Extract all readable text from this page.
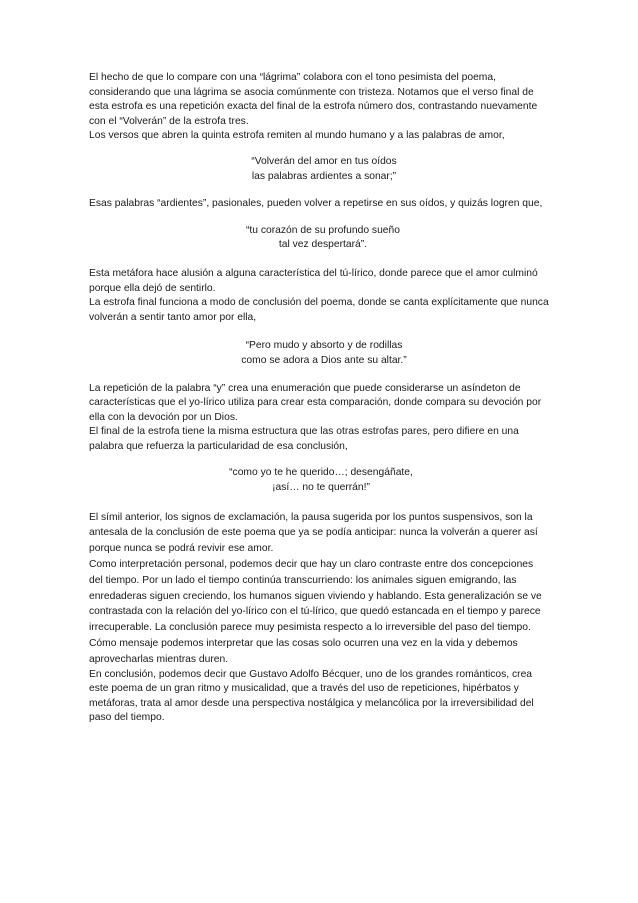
El hecho de que lo compare con una “lágrima” colabora con el tono pesimista del poema, considerando que una lágrima se asocia comúnmente con tristeza. Notamos que el verso final de esta estrofa es una repetición exacta del final de la estrofa número dos, contrastando nuevamente con el “Volverán” de la estrofa tres.

Los versos que abren la quinta estrofa remiten al mundo humano y a las palabras de amor,

“Volverán del amor en tus oídos
las palabras ardientes a sonar;”

Esas palabras “ardientes”, pasionales, pueden volver a repetirse en sus oídos, y quizás logren que,

“tu corazón de su profundo sueño
tal vez despertará”.

Esta metáfora hace alusión a alguna característica del tú-lírico, donde parece que el amor culminó porque ella dejó de sentirlo.

La estrofa final funciona a modo de conclusión del poema, donde se canta explícitamente que nunca volverán a sentir tanto amor por ella,

“Pero mudo y absorto y de rodillas
como se adora a Dios ante su altar.”

La repetición de la palabra “y” crea una enumeración que puede considerarse un asíndeton de características que el yo-lírico utiliza para crear esta comparación, donde compara su devoción por ella con la devoción por un Dios.

El final de la estrofa tiene la misma estructura que las otras estrofas pares, pero difiere en una palabra que refuerza la particularidad de esa conclusión,

“como yo te he querido…; desengáñate,
¡así… no te querrán!”

El símil anterior, los signos de exclamación, la pausa sugerida por los puntos suspensivos, son la antesala de la conclusión de este poema que ya se podía anticipar: nunca la volverán a querer así porque nunca se podrá revivir ese amor.

Como interpretación personal, podemos decir que hay un claro contraste entre dos concepciones del tiempo. Por un lado el tiempo continúa transcurriendo: los animales siguen emigrando, las enredaderas siguen creciendo, los humanos siguen viviendo y hablando. Esta generalización se ve contrastada con la relación del yo-lírico con el tú-lírico, que quedó estancada en el tiempo y parece irrecuperable. La conclusión parece muy pesimista respecto a lo irreversible del paso del tiempo. Cómo mensaje podemos interpretar que las cosas solo ocurren una vez en la vida y debemos aprovecharlas mientras duren.

En conclusión, podemos decir que Gustavo Adolfo Bécquer, uno de los grandes románticos, crea este poema de un gran ritmo y musicalidad, que a través del uso de repeticiones, hipérbatos y metáforas, trata al amor desde una perspectiva nostálgica y melancólica por la irreversibilidad del paso del tiempo.
